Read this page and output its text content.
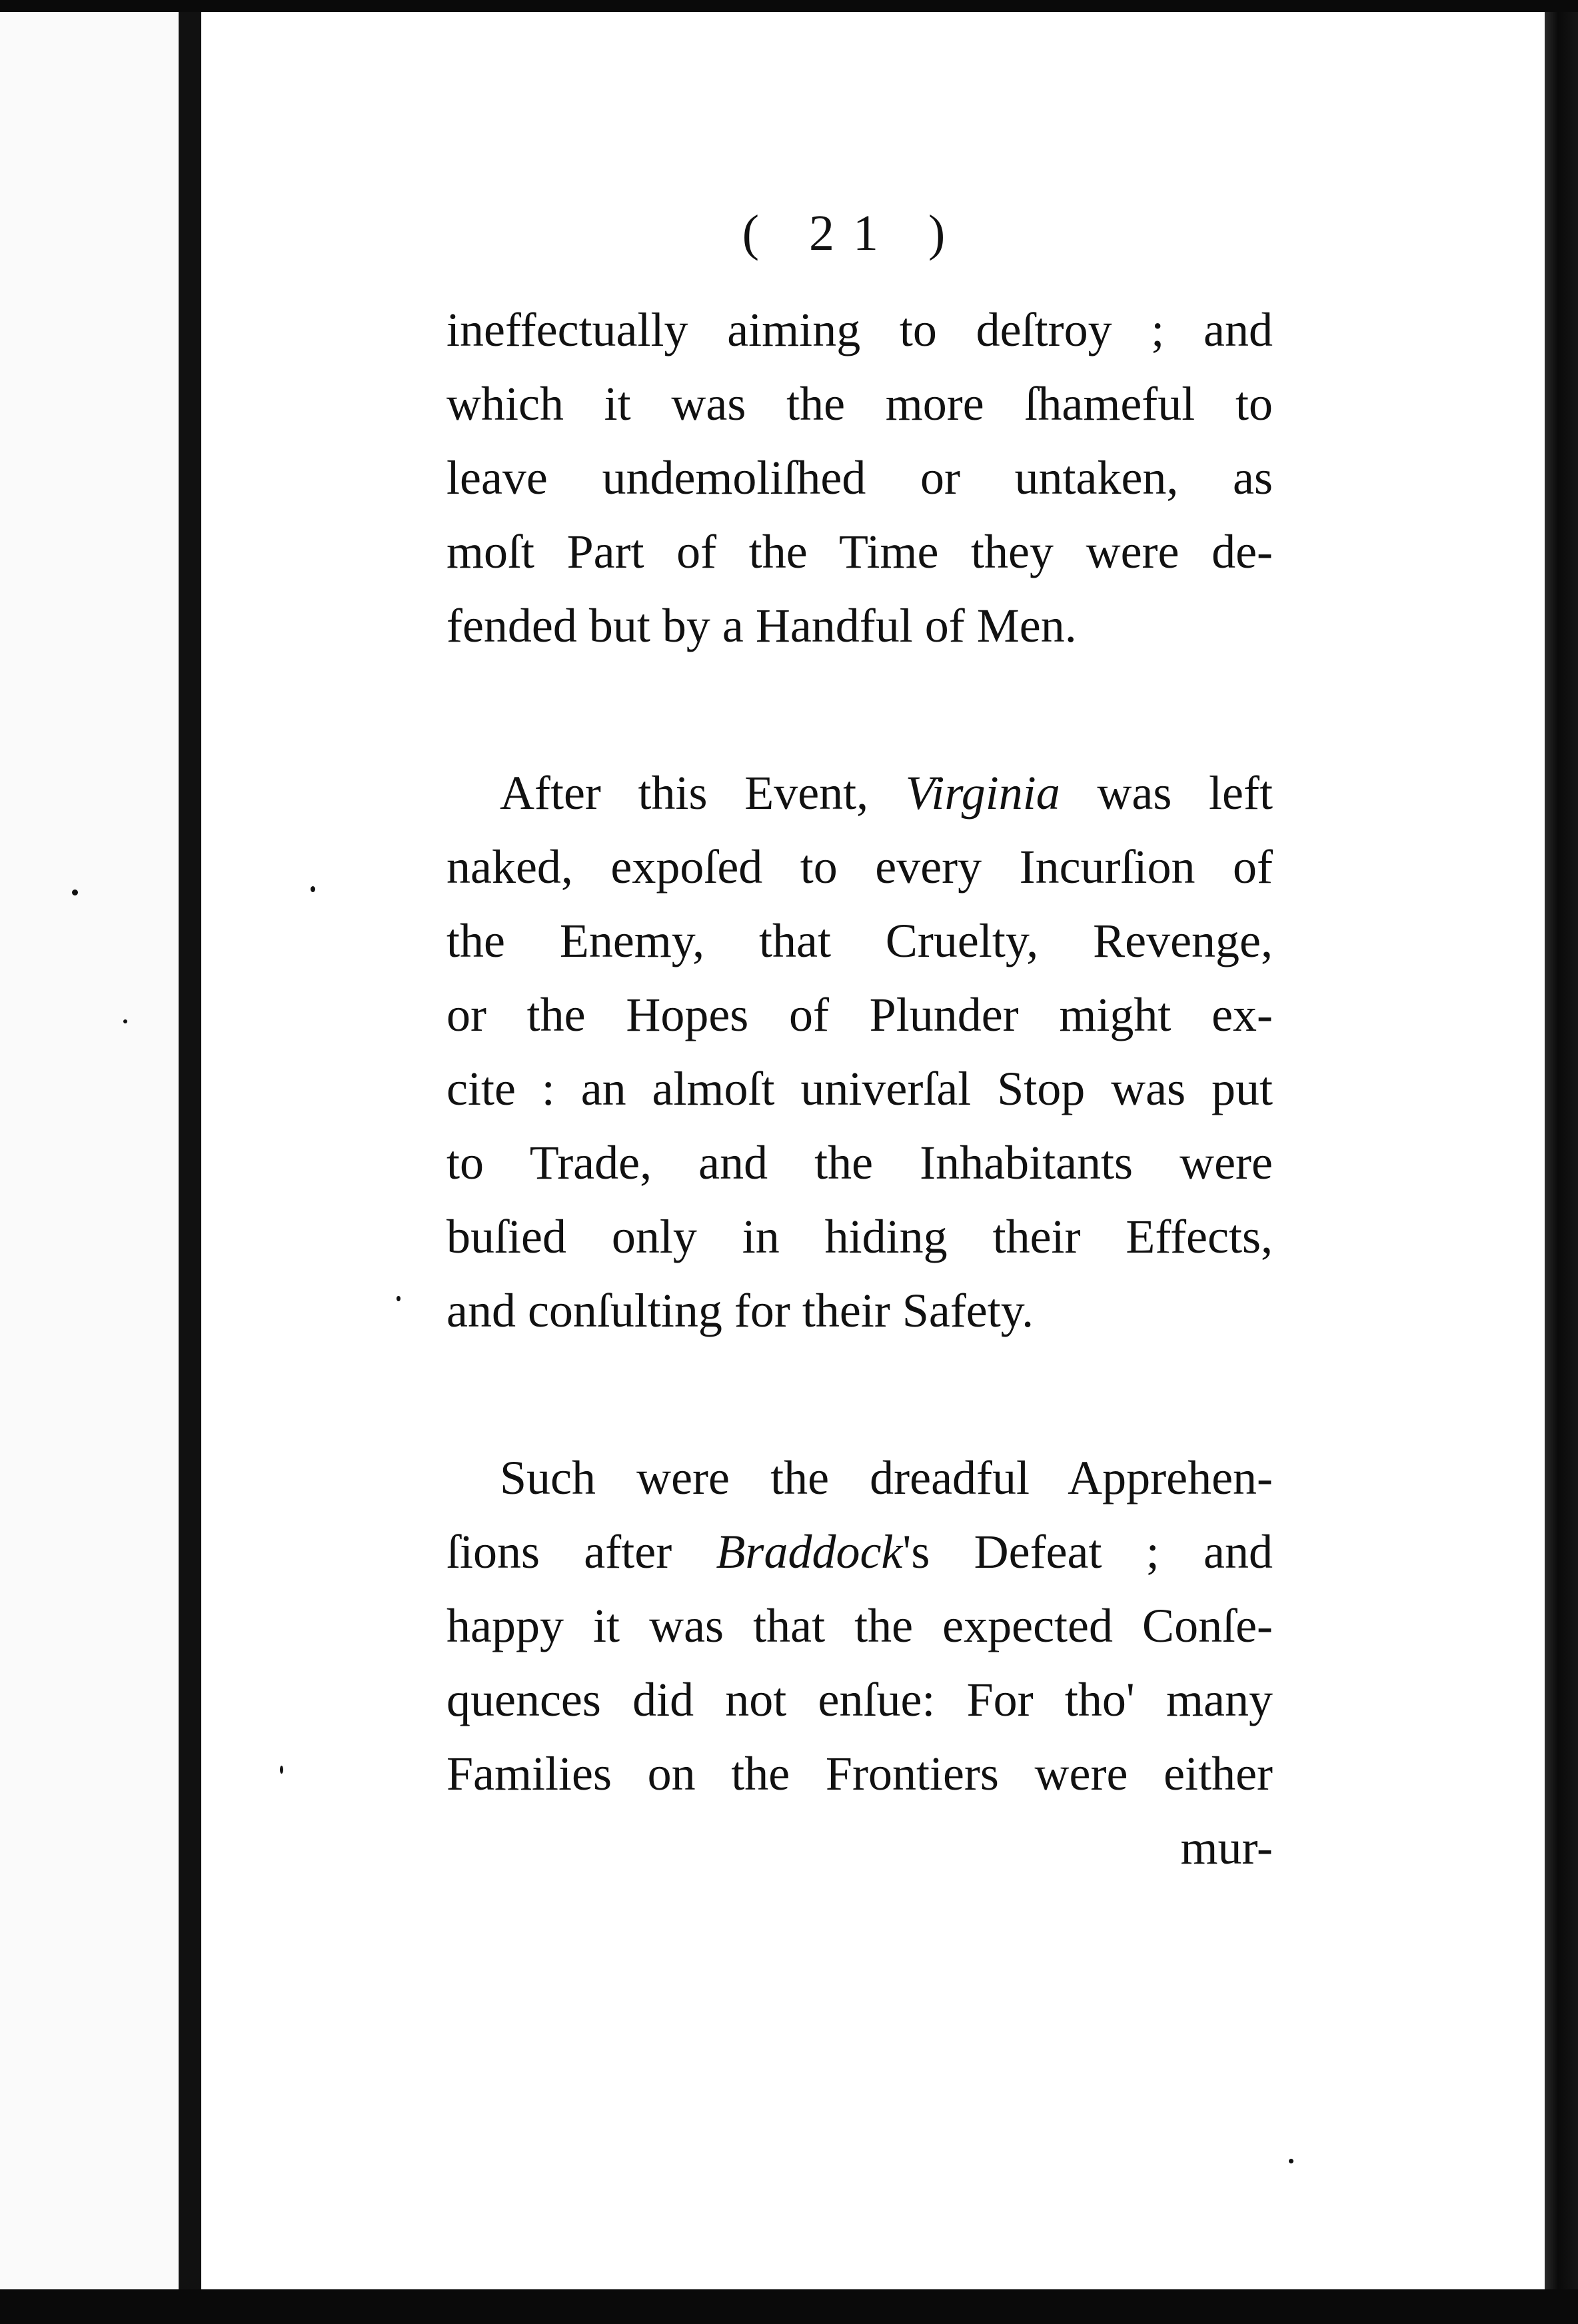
( 21 )
ineffectually aiming to deſtroy ; and
which it was the more ſhameful to
leave undemoliſhed or untaken, as
moſt Part of the Time they were de-
fended but by a Handful of Men.
After this Event, Virginia was left
naked, expoſed to every Incurſion of
the Enemy, that Cruelty, Revenge,
or the Hopes of Plunder might ex-
cite : an almoſt univerſal Stop was put
to Trade, and the Inhabitants were
buſied only in hiding their Effects,
and conſulting for their Safety.
Such were the dreadful Apprehen-
ſions after Braddock's Defeat ; and
happy it was that the expected Conſe-
quences did not enſue: For tho' many
Families on the Frontiers were either
mur-
